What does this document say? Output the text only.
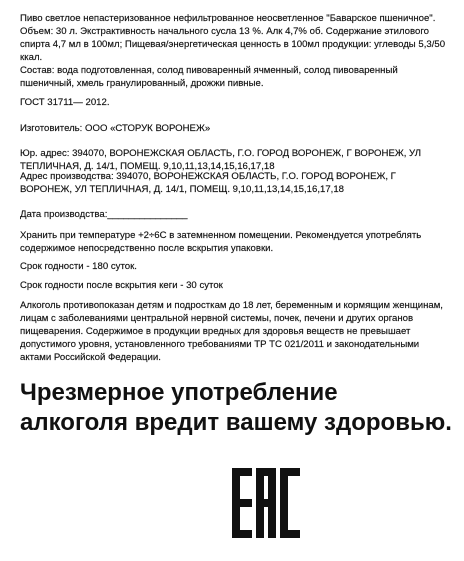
Пиво светлое непастеризованное нефильтрованное неосветленное "Баварское пшеничное". Объем: 30 л. Экстрактивность начального сусла 13 %. Алк 4,7% об. Содержание этилового спирта 4,7 мл в 100мл; Пищевая/энергетическая ценность в 100мл продукции: углеводы 5,3/50 ккал.
Состав: вода подготовленная, солод пивоваренный ячменный, солод пивоваренный пшеничный, хмель гранулированный, дрожжи пивные.
ГОСТ 31711— 2012.
Изготовитель: ООО «СТОРУК ВОРОНЕЖ»
Юр. адрес: 394070, ВОРОНЕЖСКАЯ ОБЛАСТЬ, Г.О. ГОРОД ВОРОНЕЖ, Г ВОРОНЕЖ, УЛ ТЕПЛИЧНАЯ, Д. 14/1, ПОМЕЩ. 9,10,11,13,14,15,16,17,18
Адрес производства: 394070, ВОРОНЕЖСКАЯ ОБЛАСТЬ, Г.О. ГОРОД ВОРОНЕЖ, Г ВОРОНЕЖ, УЛ ТЕПЛИЧНАЯ, Д. 14/1, ПОМЕЩ. 9,10,11,13,14,15,16,17,18
Дата производства:_______________
Хранить при температуре +2÷6С в затемненном помещении. Рекомендуется употреблять содержимое непосредственно после вскрытия упаковки.
Срок годности - 180 суток.
Срок годности после вскрытия кеги - 30 суток
Алкоголь противопоказан детям и подросткам до 18 лет, беременным и кормящим женщинам, лицам с заболеваниями центральной нервной системы, почек, печени и других органов пищеварения. Содержимое в продукции вредных для здоровья веществ не превышает допустимого уровня, установленного требованиями ТР ТС 021/2011 и законодательными актами Российской Федерации.
Чрезмерное употребление алкоголя вредит вашему здоровью.
